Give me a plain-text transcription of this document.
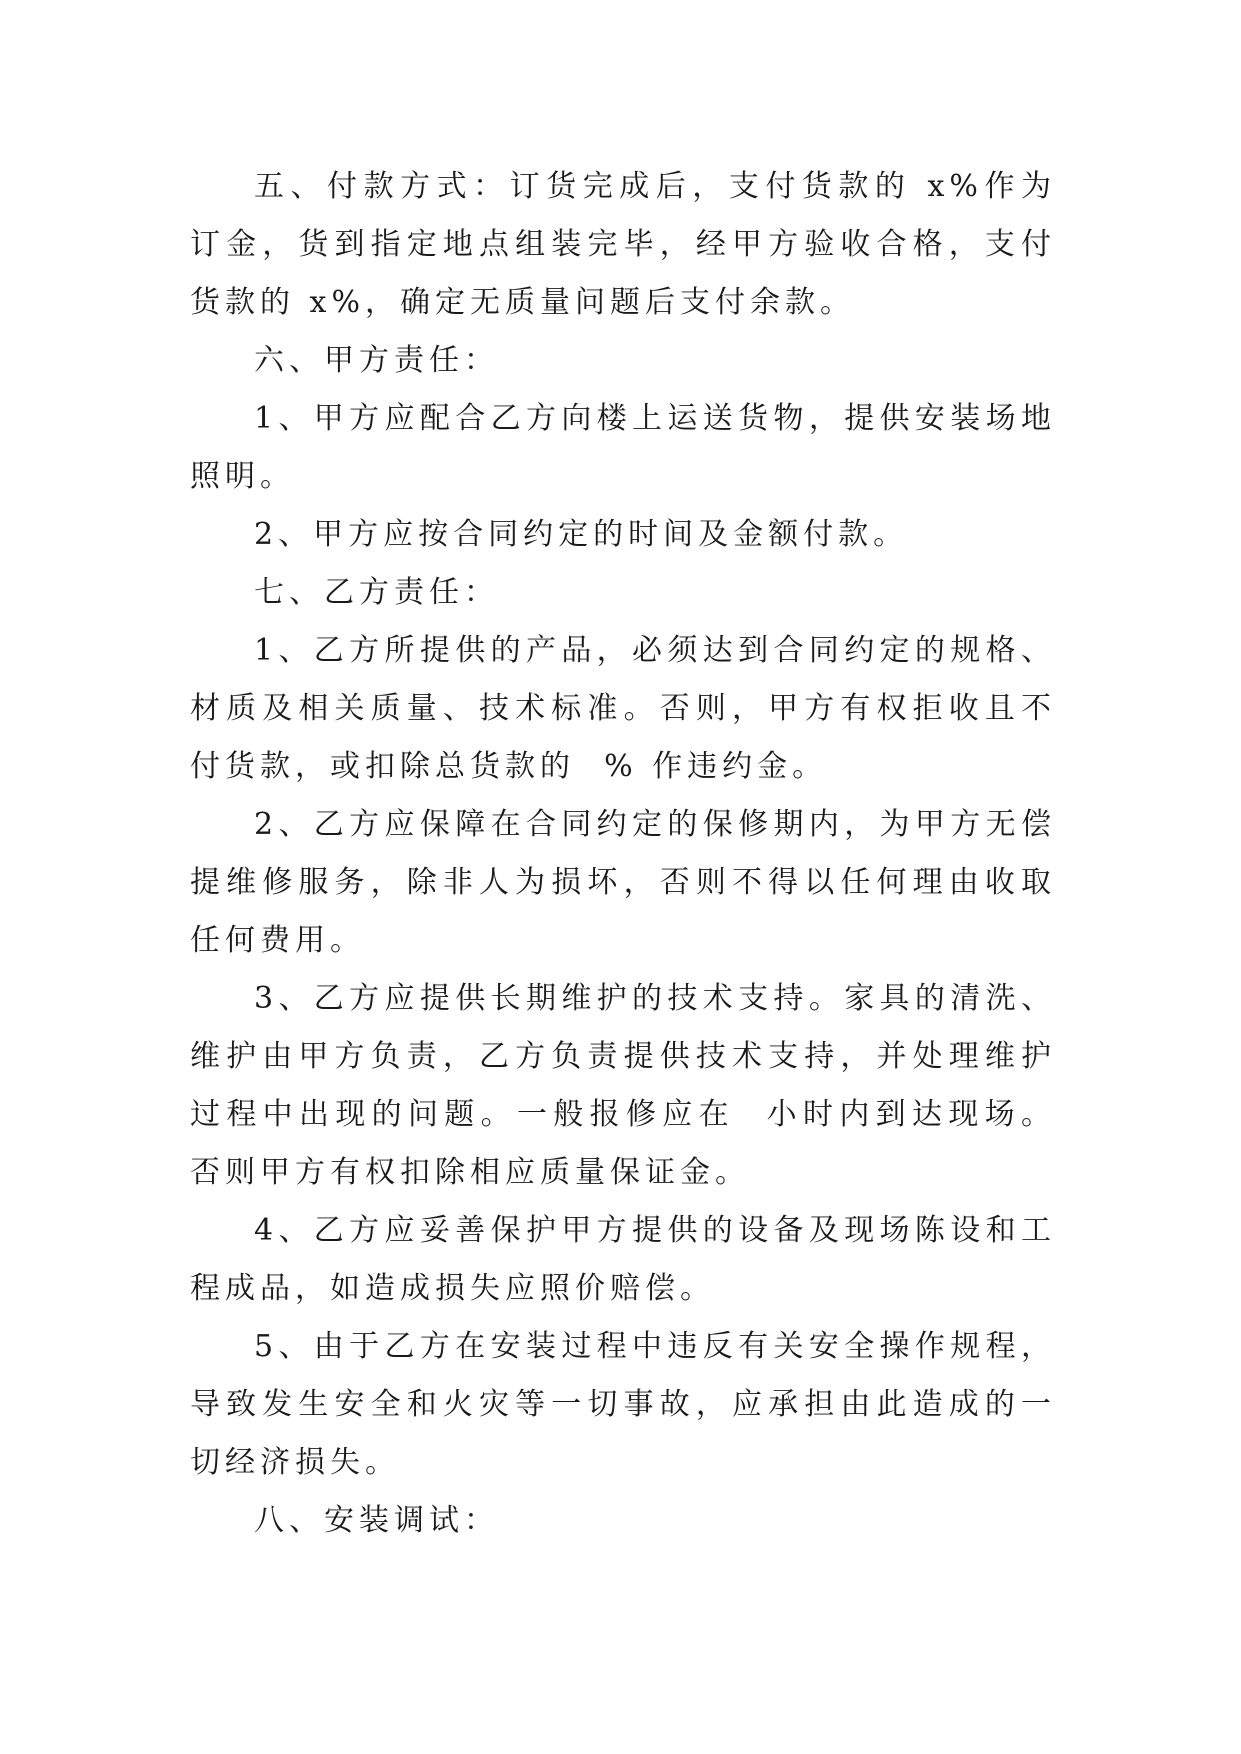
五、付款方式：订货完成后，支付货款的 x%作为订金，货到指定地点组装完毕，经甲方验收合格，支付货款的 x%，确定无质量问题后支付余款。

六、甲方责任：

1、甲方应配合乙方向楼上运送货物，提供安装场地照明。

2、甲方应按合同约定的时间及金额付款。

七、乙方责任：

1、乙方所提供的产品，必须达到合同约定的规格、材质及相关质量、技术标准。否则，甲方有权拒收且不付货款，或扣除总货款的  % 作违约金。

2、乙方应保障在合同约定的保修期内，为甲方无偿提维修服务，除非人为损坏，否则不得以任何理由收取任何费用。

3、乙方应提供长期维护的技术支持。家具的清洗、维护由甲方负责，乙方负责提供技术支持，并处理维护过程中出现的问题。一般报修应在  小时内到达现场。否则甲方有权扣除相应质量保证金。

4、乙方应妥善保护甲方提供的设备及现场陈设和工程成品，如造成损失应照价赔偿。

5、由于乙方在安装过程中违反有关安全操作规程，导致发生安全和火灾等一切事故，应承担由此造成的一切经济损失。

八、安装调试：
